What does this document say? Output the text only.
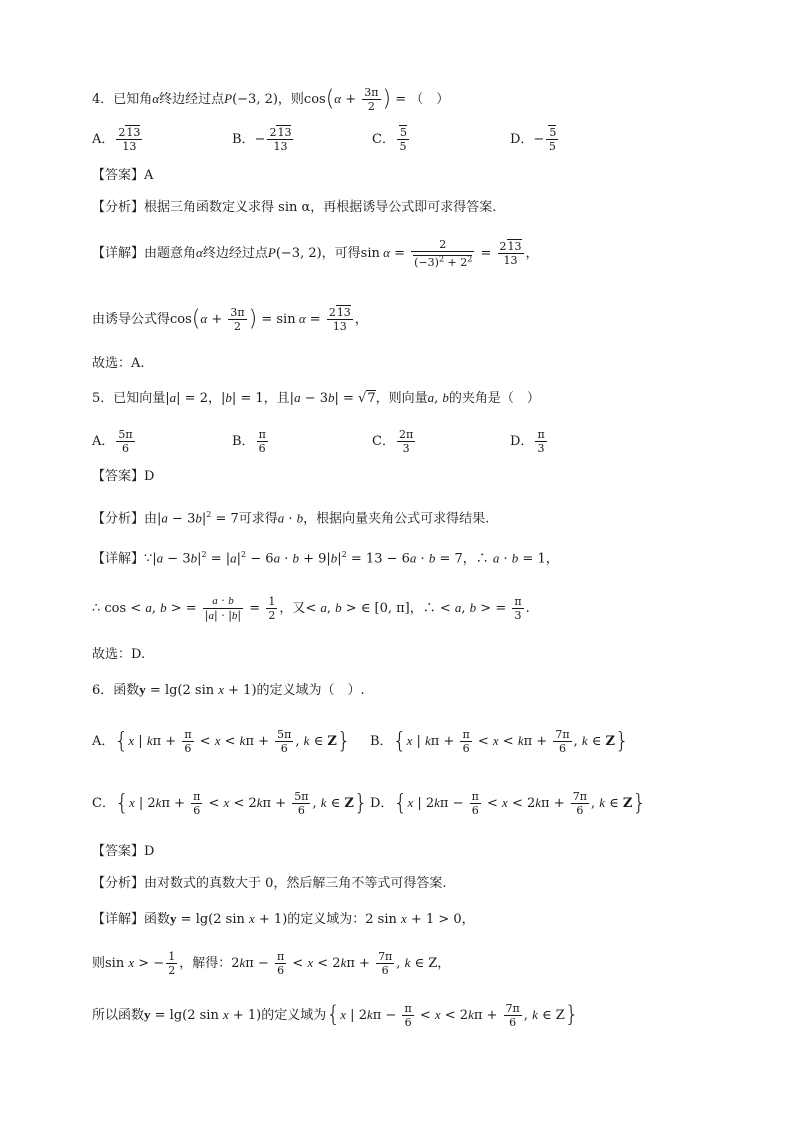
4．已知角α终边经过点P(−3, 2)，则$\cos(\alpha + \frac{3\pi}{2}$ ) = （　）
A． $\frac{213}{13}$	B．− $\frac{213}{13}$	C． $\frac{5}{5}$	D．− $\frac{5}{5}$
【答案】A
【分析】根据三角函数定义求得 sin α，再根据诱导公式即可求得答案.
【详解】由题意角α终边经过点P(−3, 2)，可得$\sin \alpha = \frac{2}{(-3)^2 + 2^2} = \frac{213}{13}$ ，
由诱导公式得$\cos(\alpha + \frac{3\pi}{2}$ ) = $\sin \alpha = \frac{213}{13}$ ，
故选：A.
5．已知向量|a| = 2，|b| = 1，且|a − 3b| = √7，则向量a, b的夹角是（　）
A． $\frac{5\pi}{6}$	B． $\frac{\pi}{6}$	C． $\frac{2\pi}{3}$	D． $\frac{\pi}{3}$
【答案】D
【分析】由$|a - 3b|^2 = 7$可求得a · b，根据向量夹角公式可求得结果.
【详解】∵|a − $3b|^2 = |a|^2 - 6a \cdot b + 9|b|^2 = 13 - 6a \cdot b = 7$，∴ a · b = 1，
∴ cos < a, b > = $\frac{a \cdot b}{|a| \cdot |b|} = \frac{1}{2}$ ，又< a, b > ∈ [0, π]，∴ < a, b > = $\frac{\pi}{3}$ .
故选：D.
6．函数y = lg(2 sin x + 1)的定义域为（　）.
A．{x | $k\pi + \frac{\pi}{6} < x < k\pi + \frac{5\pi}{6}$ , k ∈ Z} B．{x | $k\pi + \frac{\pi}{6} < x < k\pi + \frac{7\pi}{6}$ , k ∈ Z}
C．{x | $2k\pi + \frac{\pi}{6} < x < 2k\pi + \frac{5\pi}{6}$ , k ∈ Z} D．{x | $2k\pi - \frac{\pi}{6} < x < 2k\pi + \frac{7\pi}{6}$ , k ∈ Z}
【答案】D
【分析】由对数式的真数大于 0，然后解三角不等式可得答案.
【详解】函数y = lg(2 sin x + 1)的定义域为：2 sin x + 1 > 0，
则sin x > − $\frac{1}{2}$ ，解得：$2k\pi - \frac{\pi}{6} < x < 2k\pi + \frac{7\pi}{6}$ , k ∈ Z，
所以函数y = lg(2 sin x + 1)的定义域为{x | $2k\pi - \frac{\pi}{6} < x < 2k\pi + \frac{7\pi}{6}$ , k ∈ Z}
